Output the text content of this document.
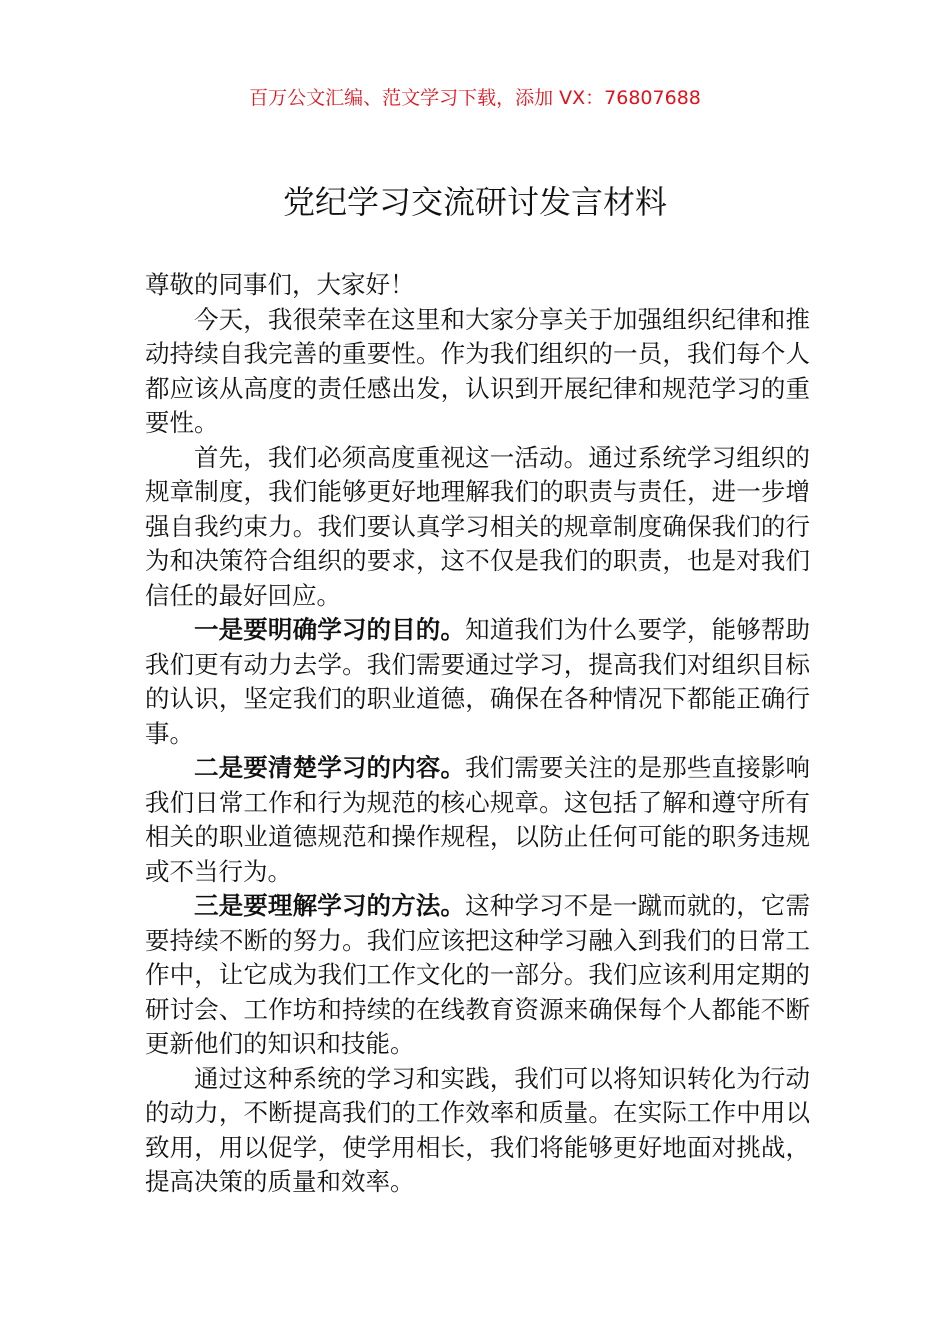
百万公文汇编、范文学习下载，添加 VX：76807688
党纪学习交流研讨发言材料

尊敬的同事们，大家好！

今天，我很荣幸在这里和大家分享关于加强组织纪律和推动持续自我完善的重要性。作为我们组织的一员，我们每个人都应该从高度的责任感出发，认识到开展纪律和规范学习的重要性。

首先，我们必须高度重视这一活动。通过系统学习组织的规章制度，我们能够更好地理解我们的职责与责任，进一步增强自我约束力。我们要认真学习相关的规章制度确保我们的行为和决策符合组织的要求，这不仅是我们的职责，也是对我们信任的最好回应。

一是要明确学习的目的。知道我们为什么要学，能够帮助我们更有动力去学。我们需要通过学习，提高我们对组织目标的认识，坚定我们的职业道德，确保在各种情况下都能正确行事。

二是要清楚学习的内容。我们需要关注的是那些直接影响我们日常工作和行为规范的核心规章。这包括了解和遵守所有相关的职业道德规范和操作规程，以防止任何可能的职务违规或不当行为。

三是要理解学习的方法。这种学习不是一蹴而就的，它需要持续不断的努力。我们应该把这种学习融入到我们的日常工作中，让它成为我们工作文化的一部分。我们应该利用定期的研讨会、工作坊和持续的在线教育资源来确保每个人都能不断更新他们的知识和技能。

通过这种系统的学习和实践，我们可以将知识转化为行动的动力，不断提高我们的工作效率和质量。在实际工作中用以致用，用以促学，使学用相长，我们将能够更好地面对挑战，提高决策的质量和效率。
